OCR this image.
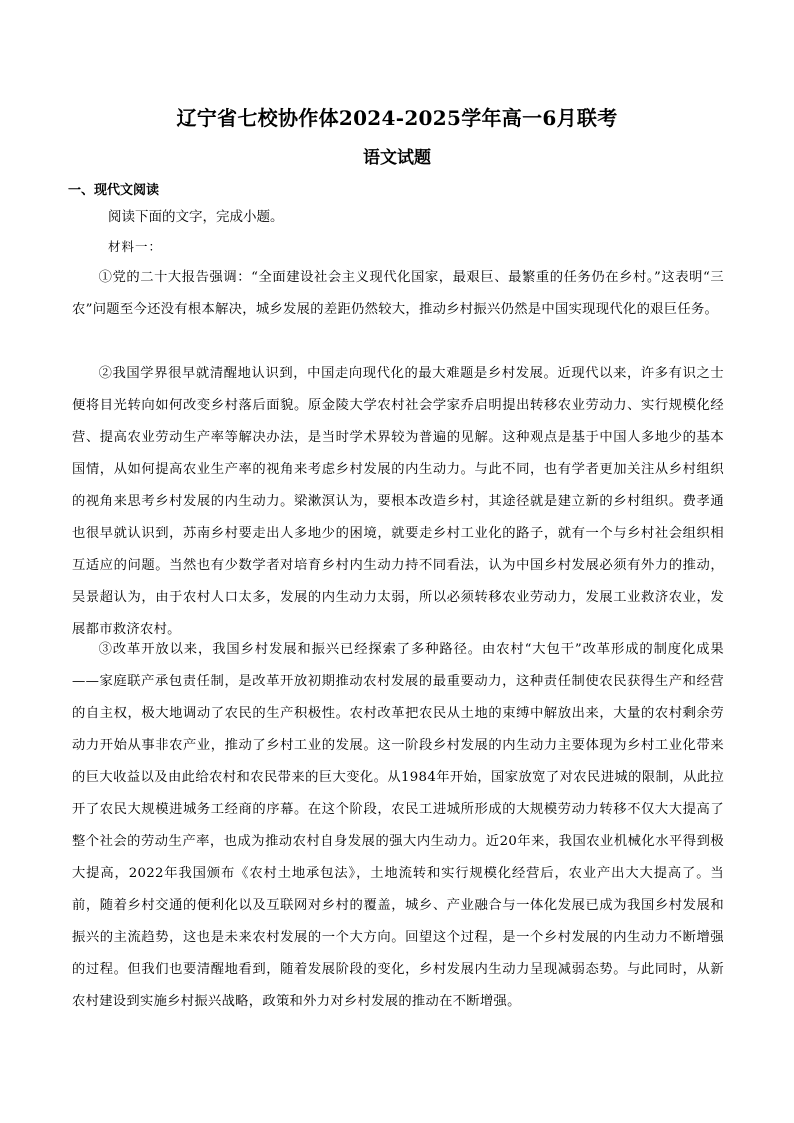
辽宁省七校协作体2024-2025学年高一6月联考
语文试题
一、现代文阅读
阅读下面的文字，完成小题。
材料一：

①党的二十大报告强调：“全面建设社会主义现代化国家，最艰巨、最繁重的任务仍在乡村。”这表明“三农”问题至今还没有根本解决，城乡发展的差距仍然较大，推动乡村振兴仍然是中国实现现代化的艰巨任务。

②我国学界很早就清醒地认识到，中国走向现代化的最大难题是乡村发展。近现代以来，许多有识之士便将目光转向如何改变乡村落后面貌。原金陵大学农村社会学家乔启明提出转移农业劳动力、实行规模化经营、提高农业劳动生产率等解决办法，是当时学术界较为普遍的见解。这种观点是基于中国人多地少的基本国情，从如何提高农业生产率的视角来考虑乡村发展的内生动力。与此不同，也有学者更加关注从乡村组织的视角来思考乡村发展的内生动力。梁漱溟认为，要根本改造乡村，其途径就是建立新的乡村组织。费孝通也很早就认识到，苏南乡村要走出人多地少的困境，就要走乡村工业化的路子，就有一个与乡村社会组织相互适应的问题。当然也有少数学者对培育乡村内生动力持不同看法，认为中国乡村发展必须有外力的推动，吴景超认为，由于农村人口太多，发展的内生动力太弱，所以必须转移农业劳动力，发展工业救济农业，发展都市救济农村。

③改革开放以来，我国乡村发展和振兴已经探索了多种路径。由农村“大包干”改革形成的制度化成果——家庭联产承包责任制，是改革开放初期推动农村发展的最重要动力，这种责任制使农民获得生产和经营的自主权，极大地调动了农民的生产积极性。农村改革把农民从土地的束缚中解放出来，大量的农村剩余劳动力开始从事非农产业，推动了乡村工业的发展。这一阶段乡村发展的内生动力主要体现为乡村工业化带来的巨大收益以及由此给农村和农民带来的巨大变化。从1984年开始，国家放宽了对农民进城的限制，从此拉开了农民大规模进城务工经商的序幕。在这个阶段，农民工进城所形成的大规模劳动力转移不仅大大提高了整个社会的劳动生产率，也成为推动农村自身发展的强大内生动力。近20年来，我国农业机械化水平得到极大提高，2022年我国颁布《农村土地承包法》，土地流转和实行规模化经营后，农业产出大大提高了。当前，随着乡村交通的便利化以及互联网对乡村的覆盖，城乡、产业融合与一体化发展已成为我国乡村发展和振兴的主流趋势，这也是未来农村发展的一个大方向。回望这个过程，是一个乡村发展的内生动力不断增强的过程。但我们也要清醒地看到，随着发展阶段的变化，乡村发展内生动力呈现减弱态势。与此同时，从新农村建设到实施乡村振兴战略，政策和外力对乡村发展的推动在不断增强。
